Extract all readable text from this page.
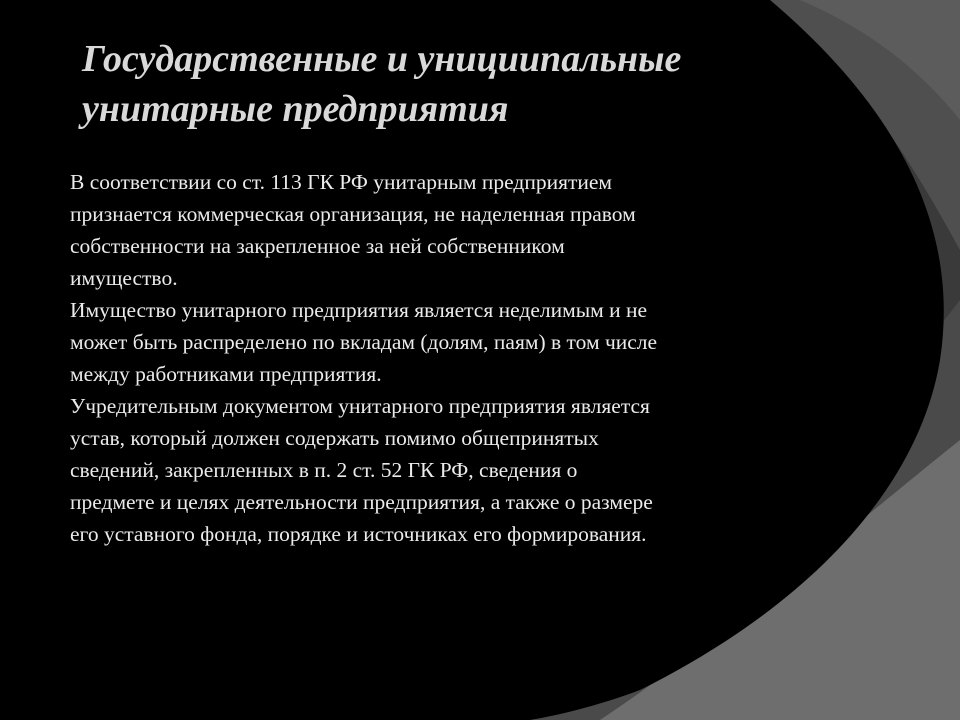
Государственные и унициипальные
унитарные предприятия
В соответствии со ст. 113 ГК РФ унитарным предприятием
признается коммерческая организация, не наделенная правом
собственности на закрепленное за ней собственником
имущество.
Имущество унитарного предприятия является неделимым и не
может быть распределено по вкладам (долям, паям) в том числе
между работниками предприятия.
Учредительным документом унитарного предприятия является
устав, который должен содержать помимо общепринятых
сведений, закрепленных в п. 2 ст. 52 ГК РФ, сведения о
предмете и целях деятельности предприятия, а также о размере
его уставного фонда, порядке и источниках его формирования.
